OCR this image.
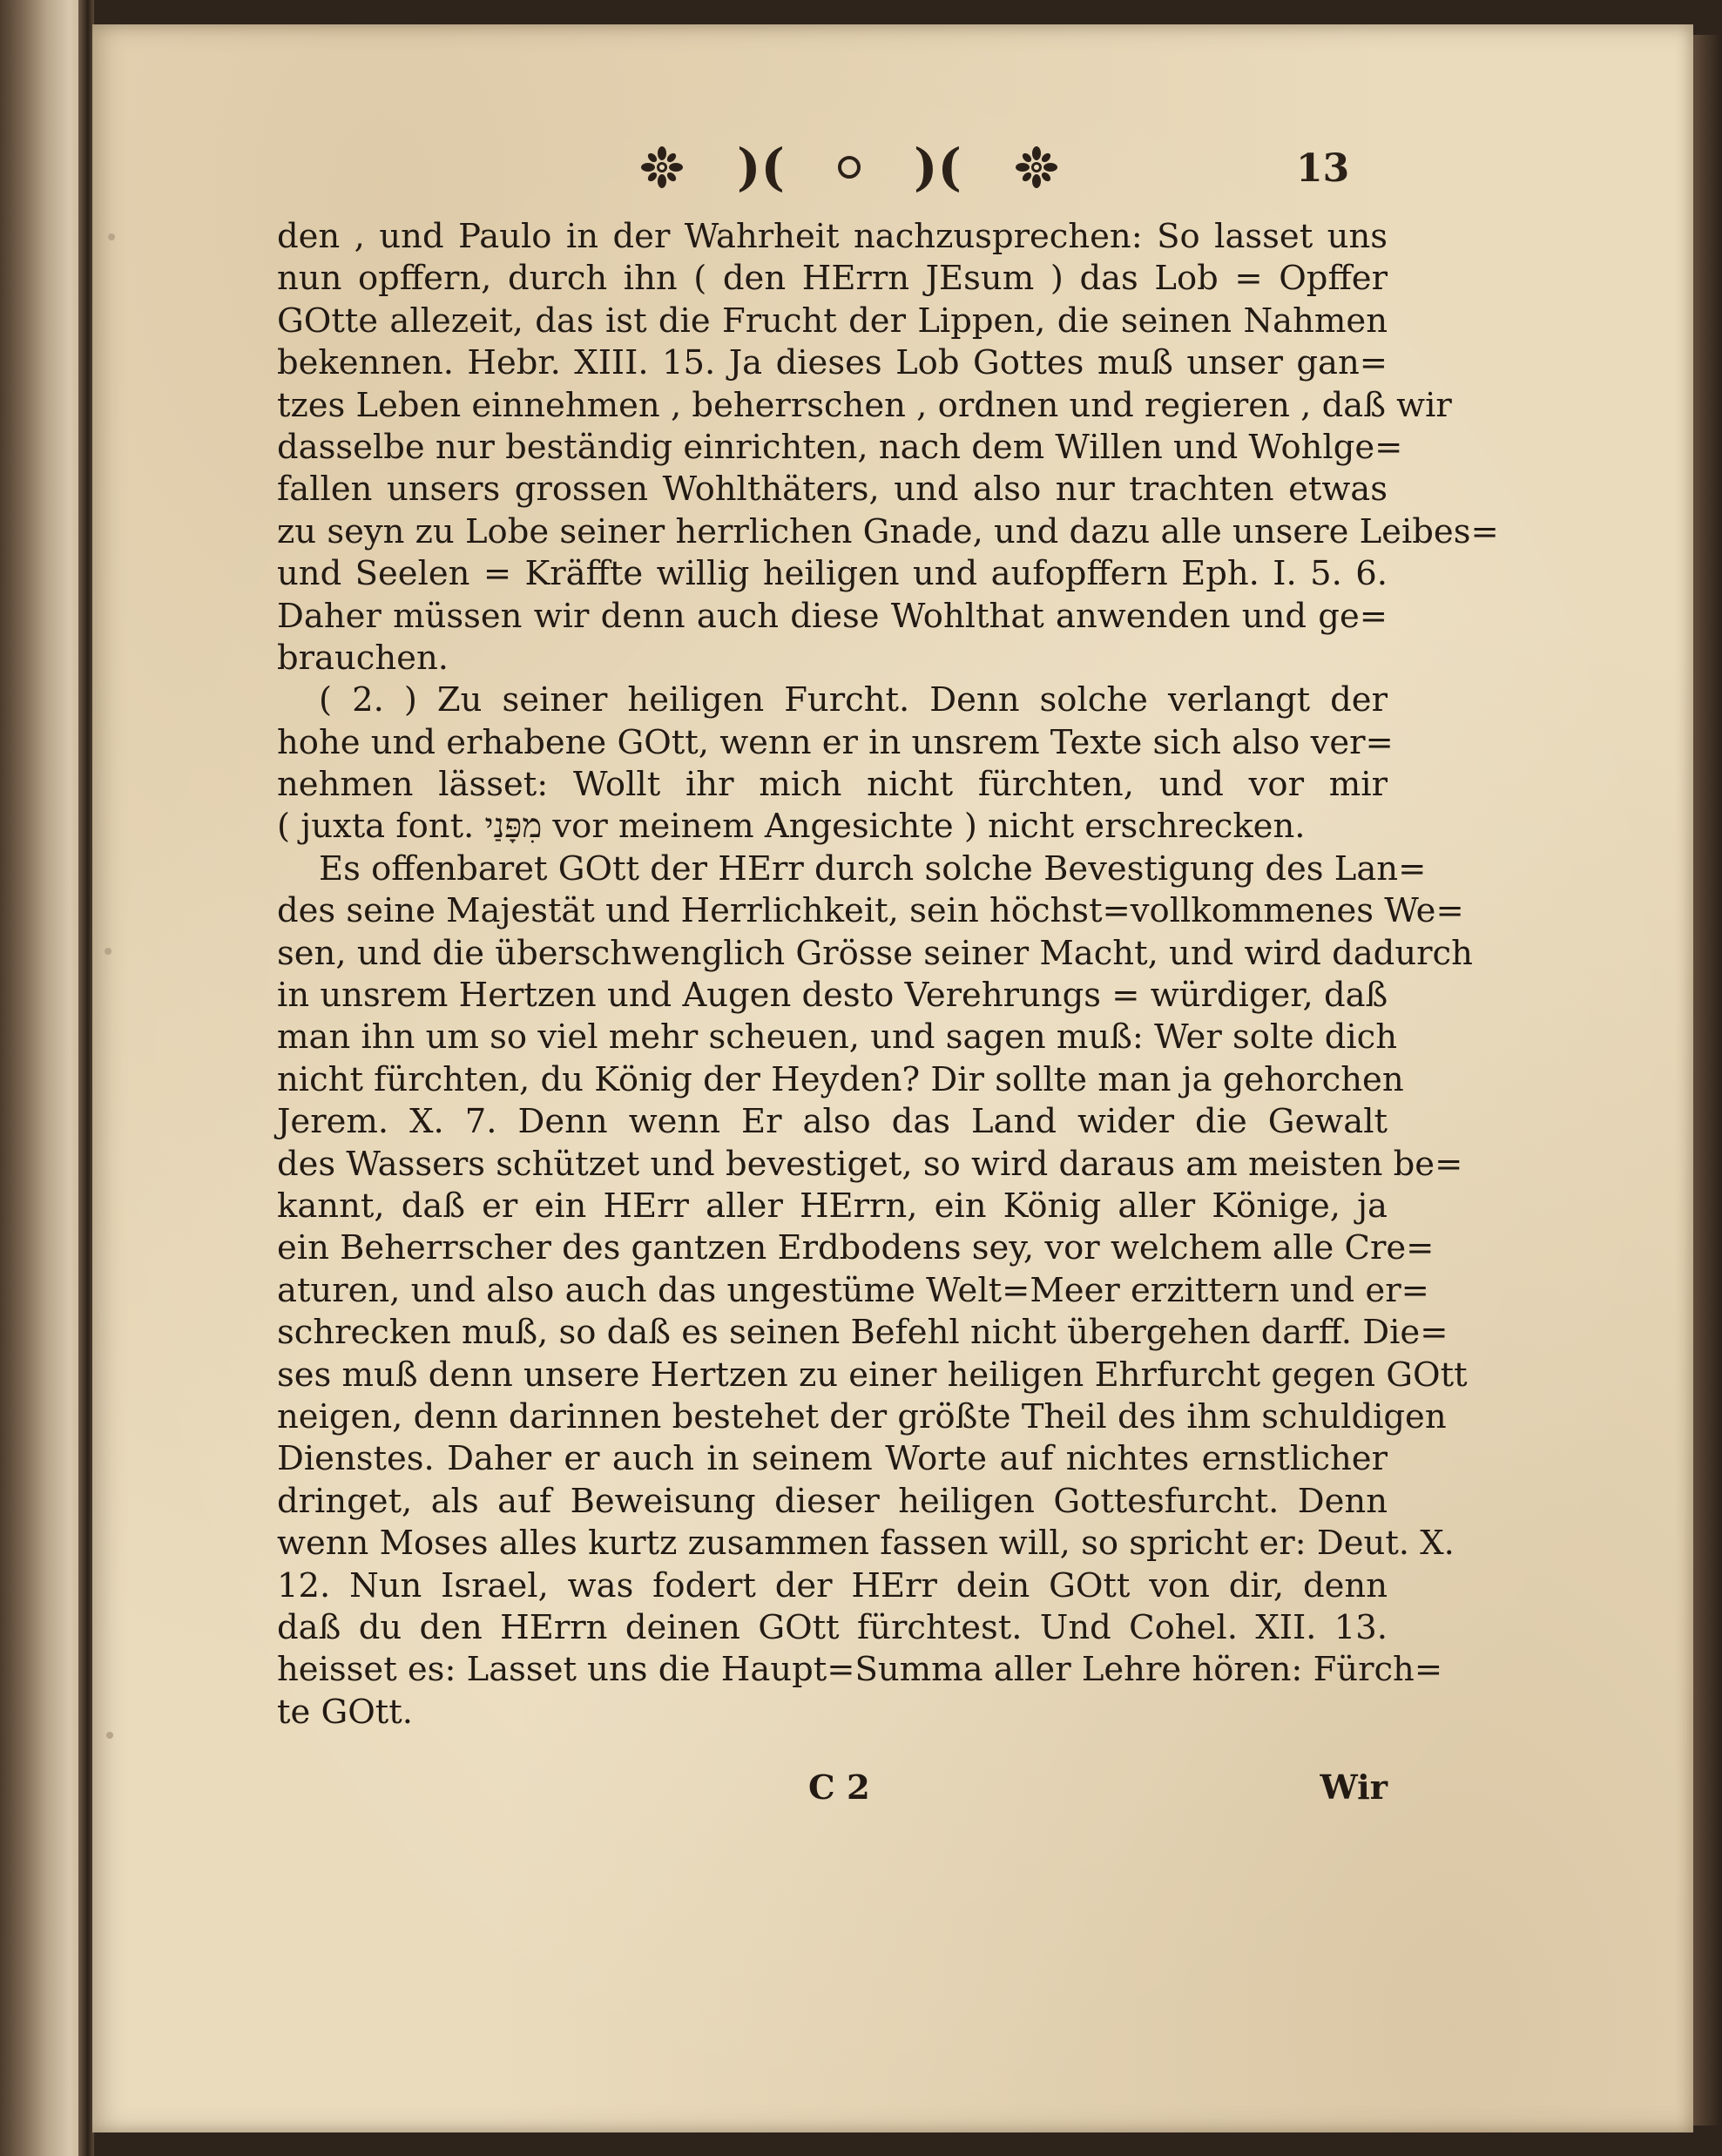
)(	)(	13
den , und Paulo in der Wahrheit nachzusprechen: So lasset uns
nun opffern, durch ihn ( den HErrn JEsum ) das Lob = Opffer
GOtte allezeit, das ist die Frucht der Lippen, die seinen Nahmen
bekennen. Hebr. XIII. 15. Ja dieses Lob Gottes muß unser gan=
tzes Leben einnehmen , beherrschen , ordnen und regieren , daß wir
dasselbe nur beständig einrichten, nach dem Willen und Wohlge=
fallen unsers grossen Wohlthäters, und also nur trachten etwas
zu seyn zu Lobe seiner herrlichen Gnade, und dazu alle unsere Leibes=
und Seelen = Kräffte willig heiligen und aufopffern Eph. I. 5. 6.
Daher müssen wir denn auch diese Wohlthat anwenden und ge=
brauchen.
( 2. ) Zu seiner heiligen Furcht. Denn solche verlangt der
hohe und erhabene GOtt, wenn er in unsrem Texte sich also ver=
nehmen lässet: Wollt ihr mich nicht fürchten, und vor mir
( juxta font. מִפָּנַי vor meinem Angesichte ) nicht erschrecken.
Es offenbaret GOtt der HErr durch solche Bevestigung des Lan=
des seine Majestät und Herrlichkeit, sein höchst=vollkommenes We=
sen, und die überschwenglich Grösse seiner Macht, und wird dadurch
in unsrem Hertzen und Augen desto Verehrungs = würdiger, daß
man ihn um so viel mehr scheuen, und sagen muß: Wer solte dich
nicht fürchten, du König der Heyden? Dir sollte man ja gehorchen
Jerem. X. 7. Denn wenn Er also das Land wider die Gewalt
des Wassers schützet und bevestiget, so wird daraus am meisten be=
kannt, daß er ein HErr aller HErrn, ein König aller Könige, ja
ein Beherrscher des gantzen Erdbodens sey, vor welchem alle Cre=
aturen, und also auch das ungestüme Welt=Meer erzittern und er=
schrecken muß, so daß es seinen Befehl nicht übergehen darff. Die=
ses muß denn unsere Hertzen zu einer heiligen Ehrfurcht gegen GOtt
neigen, denn darinnen bestehet der größte Theil des ihm schuldigen
Dienstes. Daher er auch in seinem Worte auf nichtes ernstlicher
dringet, als auf Beweisung dieser heiligen Gottesfurcht. Denn
wenn Moses alles kurtz zusammen fassen will, so spricht er: Deut. X.
12. Nun Israel, was fodert der HErr dein GOtt von dir, denn
daß du den HErrn deinen GOtt fürchtest. Und Cohel. XII. 13.
heisset es: Lasset uns die Haupt=Summa aller Lehre hören: Fürch=
te GOtt.
C 2	Wir
